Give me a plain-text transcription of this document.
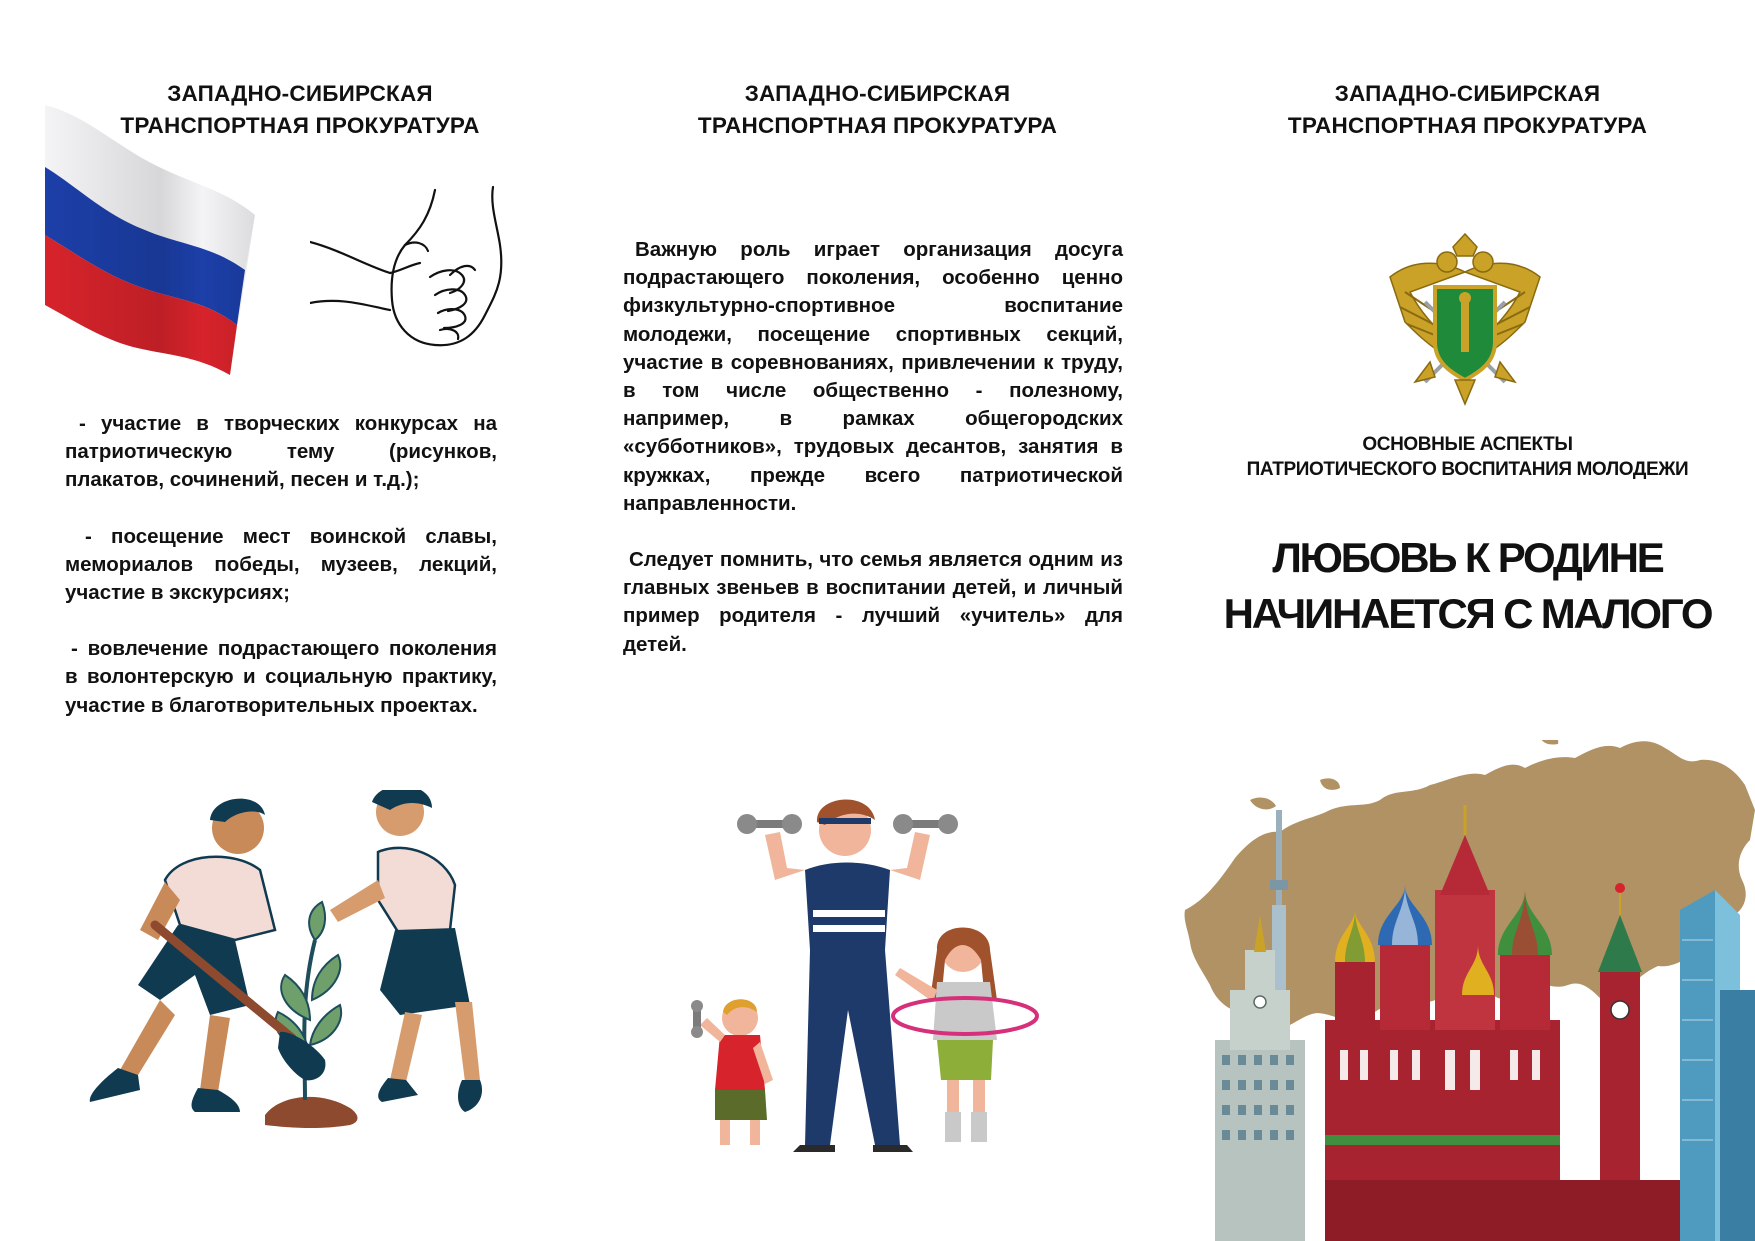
ЗАПАДНО-СИБИРСКАЯ
ТРАНСПОРТНАЯ ПРОКУРАТУРА

- участие в творческих конкурсах на патриотическую тему (рисунков, плакатов, сочинений, песен и т.д.);

- посещение мест воинской славы, мемориалов победы, музеев, лекций, участие в экскурсиях;

- вовлечение подрастающего поколения в волонтерскую и социальную практику, участие в благотворительных проектах.

ЗАПАДНО-СИБИРСКАЯ
ТРАНСПОРТНАЯ ПРОКУРАТУРА

Важную роль играет организация досуга подрастающего поколения, особенно ценно физкультурно-спортивное воспитание молодежи, посещение спортивных секций, участие в соревнованиях, привлечении к труду, в том числе общественно - полезному, например, в рамках общегородских «субботников», трудовых десантов, занятия в кружках, прежде всего патриотической направленности.

Следует помнить, что семья является одним из главных звеньев в воспитании детей, и личный пример родителя - лучший «учитель» для детей.

ЗАПАДНО-СИБИРСКАЯ
ТРАНСПОРТНАЯ ПРОКУРАТУРА
ОСНОВНЫЕ АСПЕКТЫ
ПАТРИОТИЧЕСКОГО ВОСПИТАНИЯ МОЛОДЕЖИ
ЛЮБОВЬ К РОДИНЕ
НАЧИНАЕТСЯ С МАЛОГО
